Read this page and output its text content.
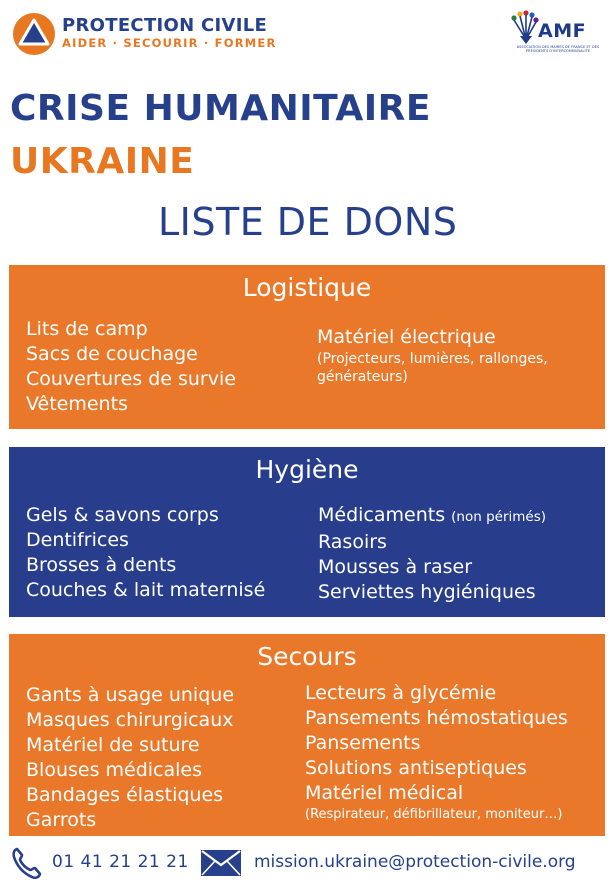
PROTECTION CIVILE
AIDER · SECOURIR · FORMER
AMF
ASSOCIATION DES MAIRES DE FRANCE ET DES PRÉSIDENTS D'INTERCOMMUNALITÉ
CRISE HUMANITAIRE
UKRAINE
LISTE DE DONS
Logistique
Lits de camp
Sacs de couchage
Couvertures de survie
Vêtements
Matériel électrique
(Projecteurs, lumières, rallonges,
générateurs)
Hygiène
Gels & savons corps
Dentifrices
Brosses à dents
Couches & lait maternisé
Médicaments (non périmés)
Rasoirs
Mousses à raser
Serviettes hygiéniques
Secours
Gants à usage unique
Masques chirurgicaux
Matériel de suture
Blouses médicales
Bandages élastiques
Garrots
Lecteurs à glycémie
Pansements hémostatiques
Pansements
Solutions antiseptiques
Matériel médical
(Respirateur, défibrillateur, moniteur…)
01 41 21 21 21	mission.ukraine@protection-civile.org
